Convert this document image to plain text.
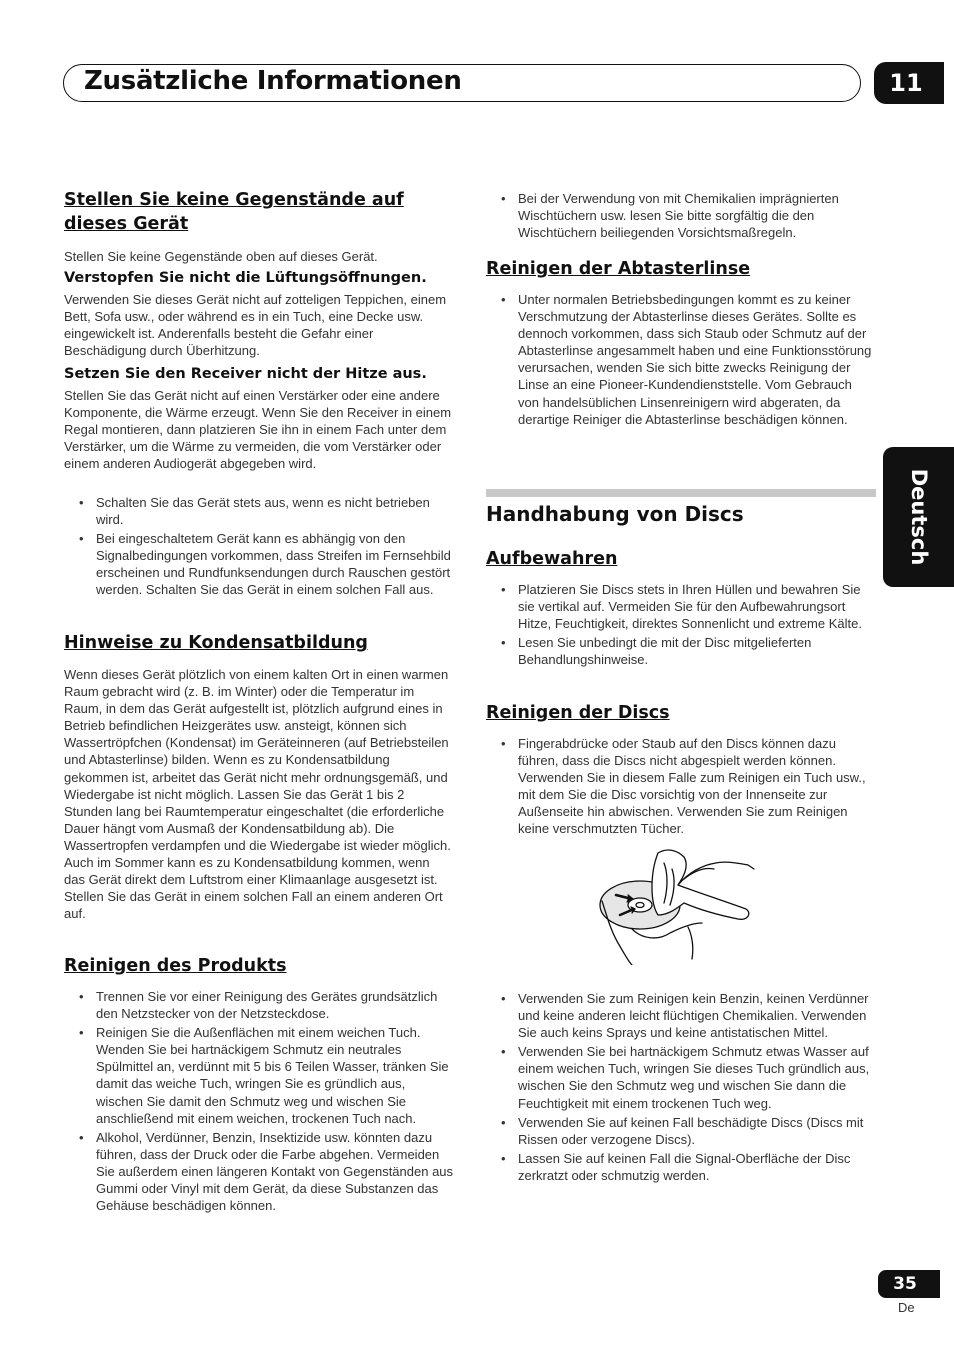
Zusätzliche Informationen	11
Deutsch
Stellen Sie keine Gegenstände auf dieses Gerät

Stellen Sie keine Gegenstände oben auf dieses Gerät.

Verstopfen Sie nicht die Lüftungsöffnungen.

Verwenden Sie dieses Gerät nicht auf zotteligen Teppichen, einem Bett, Sofa usw., oder während es in ein Tuch, eine Decke usw. eingewickelt ist. Anderenfalls besteht die Gefahr einer Beschädigung durch Überhitzung.

Setzen Sie den Receiver nicht der Hitze aus.

Stellen Sie das Gerät nicht auf einen Verstärker oder eine andere Komponente, die Wärme erzeugt. Wenn Sie den Receiver in einem Regal montieren, dann platzieren Sie ihn in einem Fach unter dem Verstärker, um die Wärme zu vermeiden, die vom Verstärker oder einem anderen Audiogerät abgegeben wird.

• Schalten Sie das Gerät stets aus, wenn es nicht betrieben wird.
• Bei eingeschaltetem Gerät kann es abhängig von den Signalbedingungen vorkommen, dass Streifen im Fernsehbild erscheinen und Rundfunksendungen durch Rauschen gestört werden. Schalten Sie das Gerät in einem solchen Fall aus.
Hinweise zu Kondensatbildung

Wenn dieses Gerät plötzlich von einem kalten Ort in einen warmen Raum gebracht wird (z. B. im Winter) oder die Temperatur im Raum, in dem das Gerät aufgestellt ist, plötzlich aufgrund eines in Betrieb befindlichen Heizgerätes usw. ansteigt, können sich Wassertröpfchen (Kondensat) im Geräteinneren (auf Betriebsteilen und Abtasterlinse) bilden. Wenn es zu Kondensatbildung gekommen ist, arbeitet das Gerät nicht mehr ordnungsgemäß, und Wiedergabe ist nicht möglich. Lassen Sie das Gerät 1 bis 2 Stunden lang bei Raumtemperatur eingeschaltet (die erforderliche Dauer hängt vom Ausmaß der Kondensatbildung ab). Die Wassertropfen verdampfen und die Wiedergabe ist wieder möglich. Auch im Sommer kann es zu Kondensatbildung kommen, wenn das Gerät direkt dem Luftstrom einer Klimaanlage ausgesetzt ist. Stellen Sie das Gerät in einem solchen Fall an einem anderen Ort auf.

Reinigen des Produkts
• Trennen Sie vor einer Reinigung des Gerätes grundsätzlich den Netzstecker von der Netzsteckdose.
• Reinigen Sie die Außenflächen mit einem weichen Tuch. Wenden Sie bei hartnäckigem Schmutz ein neutrales Spülmittel an, verdünnt mit 5 bis 6 Teilen Wasser, tränken Sie damit das weiche Tuch, wringen Sie es gründlich aus, wischen Sie damit den Schmutz weg und wischen Sie anschließend mit einem weichen, trockenen Tuch nach.
• Alkohol, Verdünner, Benzin, Insektizide usw. könnten dazu führen, dass der Druck oder die Farbe abgehen. Vermeiden Sie außerdem einen längeren Kontakt von Gegenständen aus Gummi oder Vinyl mit dem Gerät, da diese Substanzen das Gehäuse beschädigen können.
• Bei der Verwendung von mit Chemikalien imprägnierten Wischtüchern usw. lesen Sie bitte sorgfältig die den Wischtüchern beiliegenden Vorsichtsmaßregeln.
Reinigen der Abtasterlinse
• Unter normalen Betriebsbedingungen kommt es zu keiner Verschmutzung der Abtasterlinse dieses Gerätes. Sollte es dennoch vorkommen, dass sich Staub oder Schmutz auf der Abtasterlinse angesammelt haben und eine Funktionsstörung verursachen, wenden Sie sich bitte zwecks Reinigung der Linse an eine Pioneer-Kundendienststelle. Vom Gebrauch von handelsüblichen Linsenreinigern wird abgeraten, da derartige Reiniger die Abtasterlinse beschädigen können.
Aufbewahren
• Platzieren Sie Discs stets in Ihren Hüllen und bewahren Sie sie vertikal auf. Vermeiden Sie für den Aufbewahrungsort Hitze, Feuchtigkeit, direktes Sonnenlicht und extreme Kälte.
• Lesen Sie unbedingt die mit der Disc mitgelieferten Behandlungshinweise.
Reinigen der Discs
• Fingerabdrücke oder Staub auf den Discs können dazu führen, dass die Discs nicht abgespielt werden können. Verwenden Sie in diesem Falle zum Reinigen ein Tuch usw., mit dem Sie die Disc vorsichtig von der Innenseite zur Außenseite hin abwischen. Verwenden Sie zum Reinigen keine verschmutzten Tücher.
• Verwenden Sie zum Reinigen kein Benzin, keinen Verdünner und keine anderen leicht flüchtigen Chemikalien. Verwenden Sie auch keins Sprays und keine antistatischen Mittel.
• Verwenden Sie bei hartnäckigem Schmutz etwas Wasser auf einem weichen Tuch, wringen Sie dieses Tuch gründlich aus, wischen Sie den Schmutz weg und wischen Sie dann die Feuchtigkeit mit einem trockenen Tuch weg.
• Verwenden Sie auf keinen Fall beschädigte Discs (Discs mit Rissen oder verzogene Discs).
• Lassen Sie auf keinen Fall die Signal-Oberfläche der Disc zerkratzt oder schmutzig werden.
Handhabung von Discs
35
De
